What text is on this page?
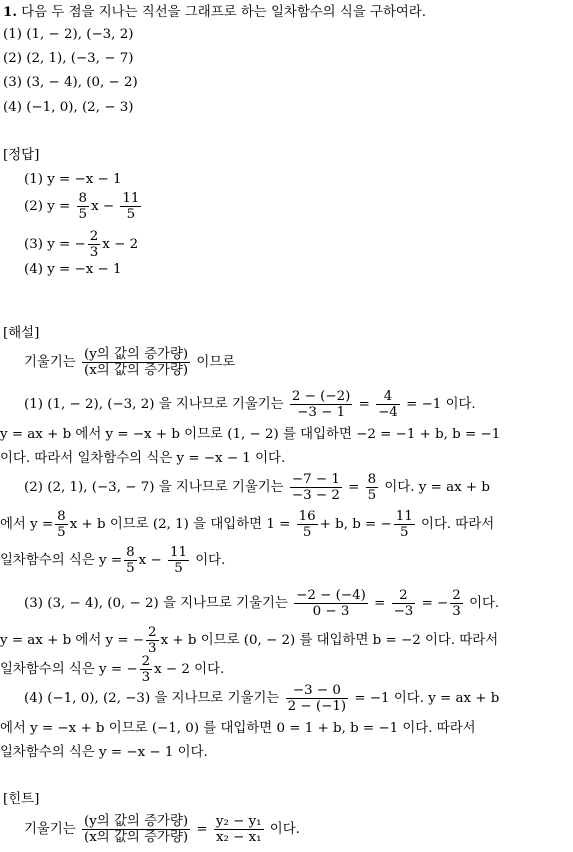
1. 다음 두 점을 지나는 직선을 그래프로 하는 일차함수의 식을 구하여라.
(1) (1, − 2), (−3, 2)
(2) (2, 1), (−3, − 7)
(3) (3, − 4), (0, − 2)
(4) (−1, 0), (2, − 3)
[정답]
(1) y = −x − 1
(2) $y = \frac{8}{5}$ $x - \frac{11}{5}$
(3) y = − $\frac{2}{3}$ x − 2
(4) y = −x − 1
[해설]
기울기는 $\frac{\text{(y의 값의 증가량)}}{\text{(x의 값의 증가량)}}$ 이므로
(1) (1, − 2), (−3, 2) 을 지나므로 기울기는 $\frac{2 - (-2)}{-3 - 1} = \frac{4}{-4} = -1$ 이다.
y = ax + b 에서 y = −x + b 이므로 (1, − 2) 를 대입하면 −2 = −1 + b, b = −1
이다. 따라서 일차함수의 식은 y = −x − 1 이다.
(2) (2, 1), (−3, − 7) 을 지나므로 기울기는 $\frac{-7 - 1}{-3 - 2} = \frac{8}{5}$ 이다. y = ax + b
에서 $y = \frac{8}{5}$ x + b 이므로 (2, 1) 을 대입하면 $1 = \frac{16}{5} + b$, b = − $\frac{11}{5}$ 이다. 따라서
일차함수의 식은 $y = \frac{8}{5}$ $x - \frac{11}{5}$ 이다.
(3) (3, − 4), (0, − 2) 을 지나므로 기울기는 $\frac{-2 - (-4)}{0 - 3} = \frac{2}{-3}$ = − $\frac{2}{3}$ 이다.
y = ax + b 에서 y = − $\frac{2}{3}$ x + b 이므로 (0, − 2) 를 대입하면 b = −2 이다. 따라서
일차함수의 식은 y = − $\frac{2}{3}$ x − 2 이다.
(4) (−1, 0), (2, −3) 을 지나므로 기울기는 $\frac{-3 - 0}{2 - (-1)} = -1$ 이다. y = ax + b
에서 y = −x + b 이므로 (−1, 0) 를 대입하면 0 = 1 + b, b = −1 이다. 따라서
일차함수의 식은 y = −x − 1 이다.
[힌트]
기울기는 $\frac{\text{(y의 값의 증가량)}}{\text{(x의 값의 증가량)}} = \frac{\text{y₂ − y₁}}{\text{x₂ − x₁}}$ 이다.
